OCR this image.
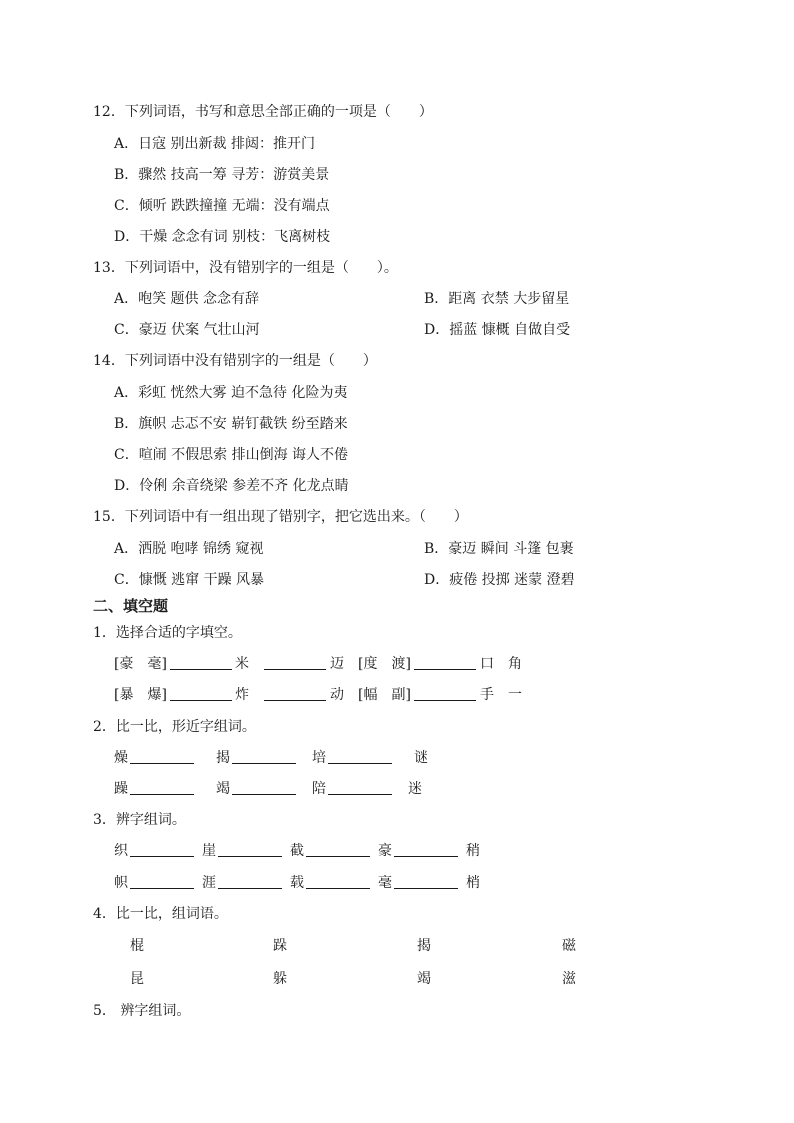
12．下列词语，书写和意思全部正确的一项是（　　）
A．日寇 别出新裁 排闼：推开门
B．骤然 技高一筹 寻芳：游赏美景
C．倾听 跌跌撞撞 无端：没有端点
D．干燥 念念有词 别枝：飞离树枝
13．下列词语中，没有错别字的一组是（　　）。
A．咆笑 题供 念念有辞	B．距离 衣禁 大步留星
C．豪迈 伏案 气壮山河	D．摇蓝 慷概 自做自受
14．下列词语中没有错别字的一组是（　　）
A．彩虹 恍然大雾 迫不急待 化险为夷
B．旗帜 忐忑不安 崭钉截铁 纷至踏来
C．喧闹 不假思索 排山倒海 诲人不倦
D．伶俐 余音绕梁 参差不齐 化龙点睛
15．下列词语中有一组出现了错别字，把它选出来。（　　）
A．洒脱 咆哮 锦绣 窥视	B．豪迈 瞬间 斗篷 包裹
C．慷慨 逃窜 干躁 风暴	D．疲倦 投掷 迷蒙 澄碧
二、填空题
1．选择合适的字填空。
[豪　毫]	米	迈 [度　渡]	口　角
[暴　爆]	炸	动 [幅　副]	手　一
2．比一比，形近字组词。
燥	揭	培	谜
躁	竭	陪	迷
3．辨字组词。
织	崖	截	豪	稍
帜	涯	载	毫	梢
4．比一比，组词语。
棍	跺	揭	磁
昆	躲	竭	滋
5． 辨字组词。
